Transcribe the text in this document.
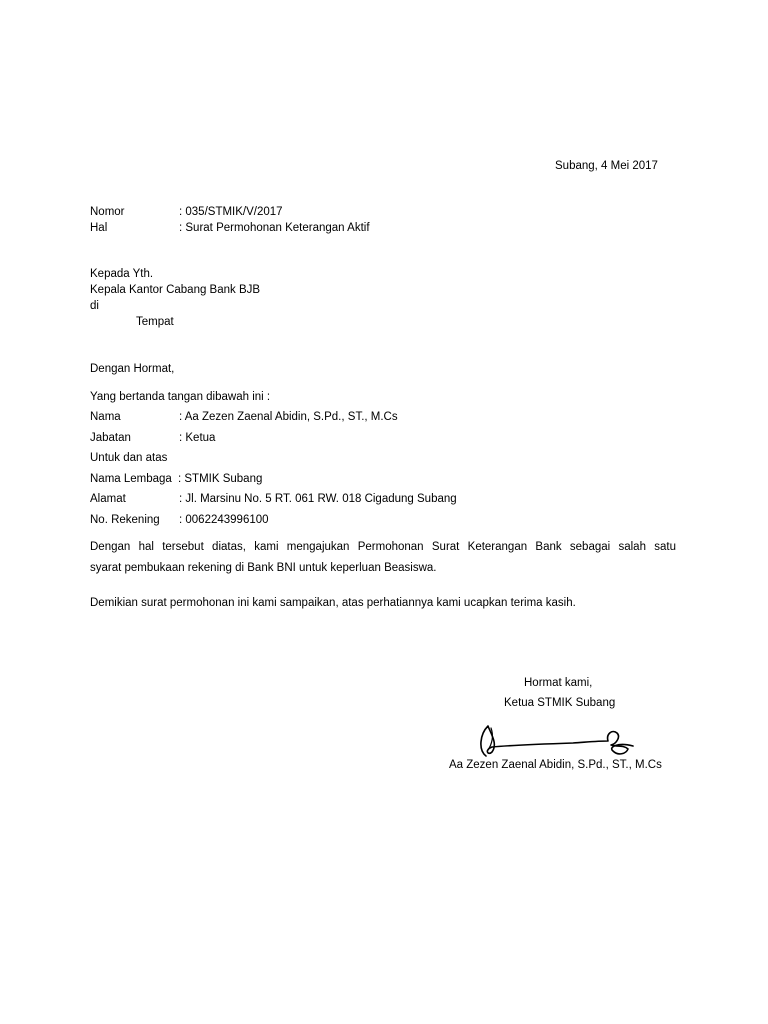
Subang, 4 Mei 2017
Nomor	: 035/STMIK/V/2017
Hal	: Surat Permohonan Keterangan Aktif
Kepada Yth.
Kepala Kantor Cabang Bank BJB
di
Tempat
Dengan Hormat,
Yang bertanda tangan dibawah ini :
Nama	: Aa Zezen Zaenal Abidin, S.Pd., ST., M.Cs
Jabatan	: Ketua
Untuk dan atas
Nama Lembaga : STMIK Subang
Alamat	: Jl. Marsinu No. 5 RT. 061 RW. 018 Cigadung Subang
No. Rekening : 0062243996100
Dengan hal tersebut diatas, kami mengajukan Permohonan Surat Keterangan Bank sebagai salah satu
syarat pembukaan rekening di Bank BNI untuk keperluan Beasiswa.
Demikian surat permohonan ini kami sampaikan, atas perhatiannya kami ucapkan terima kasih.
Hormat kami,
Ketua STMIK Subang
Aa Zezen Zaenal Abidin, S.Pd., ST., M.Cs
